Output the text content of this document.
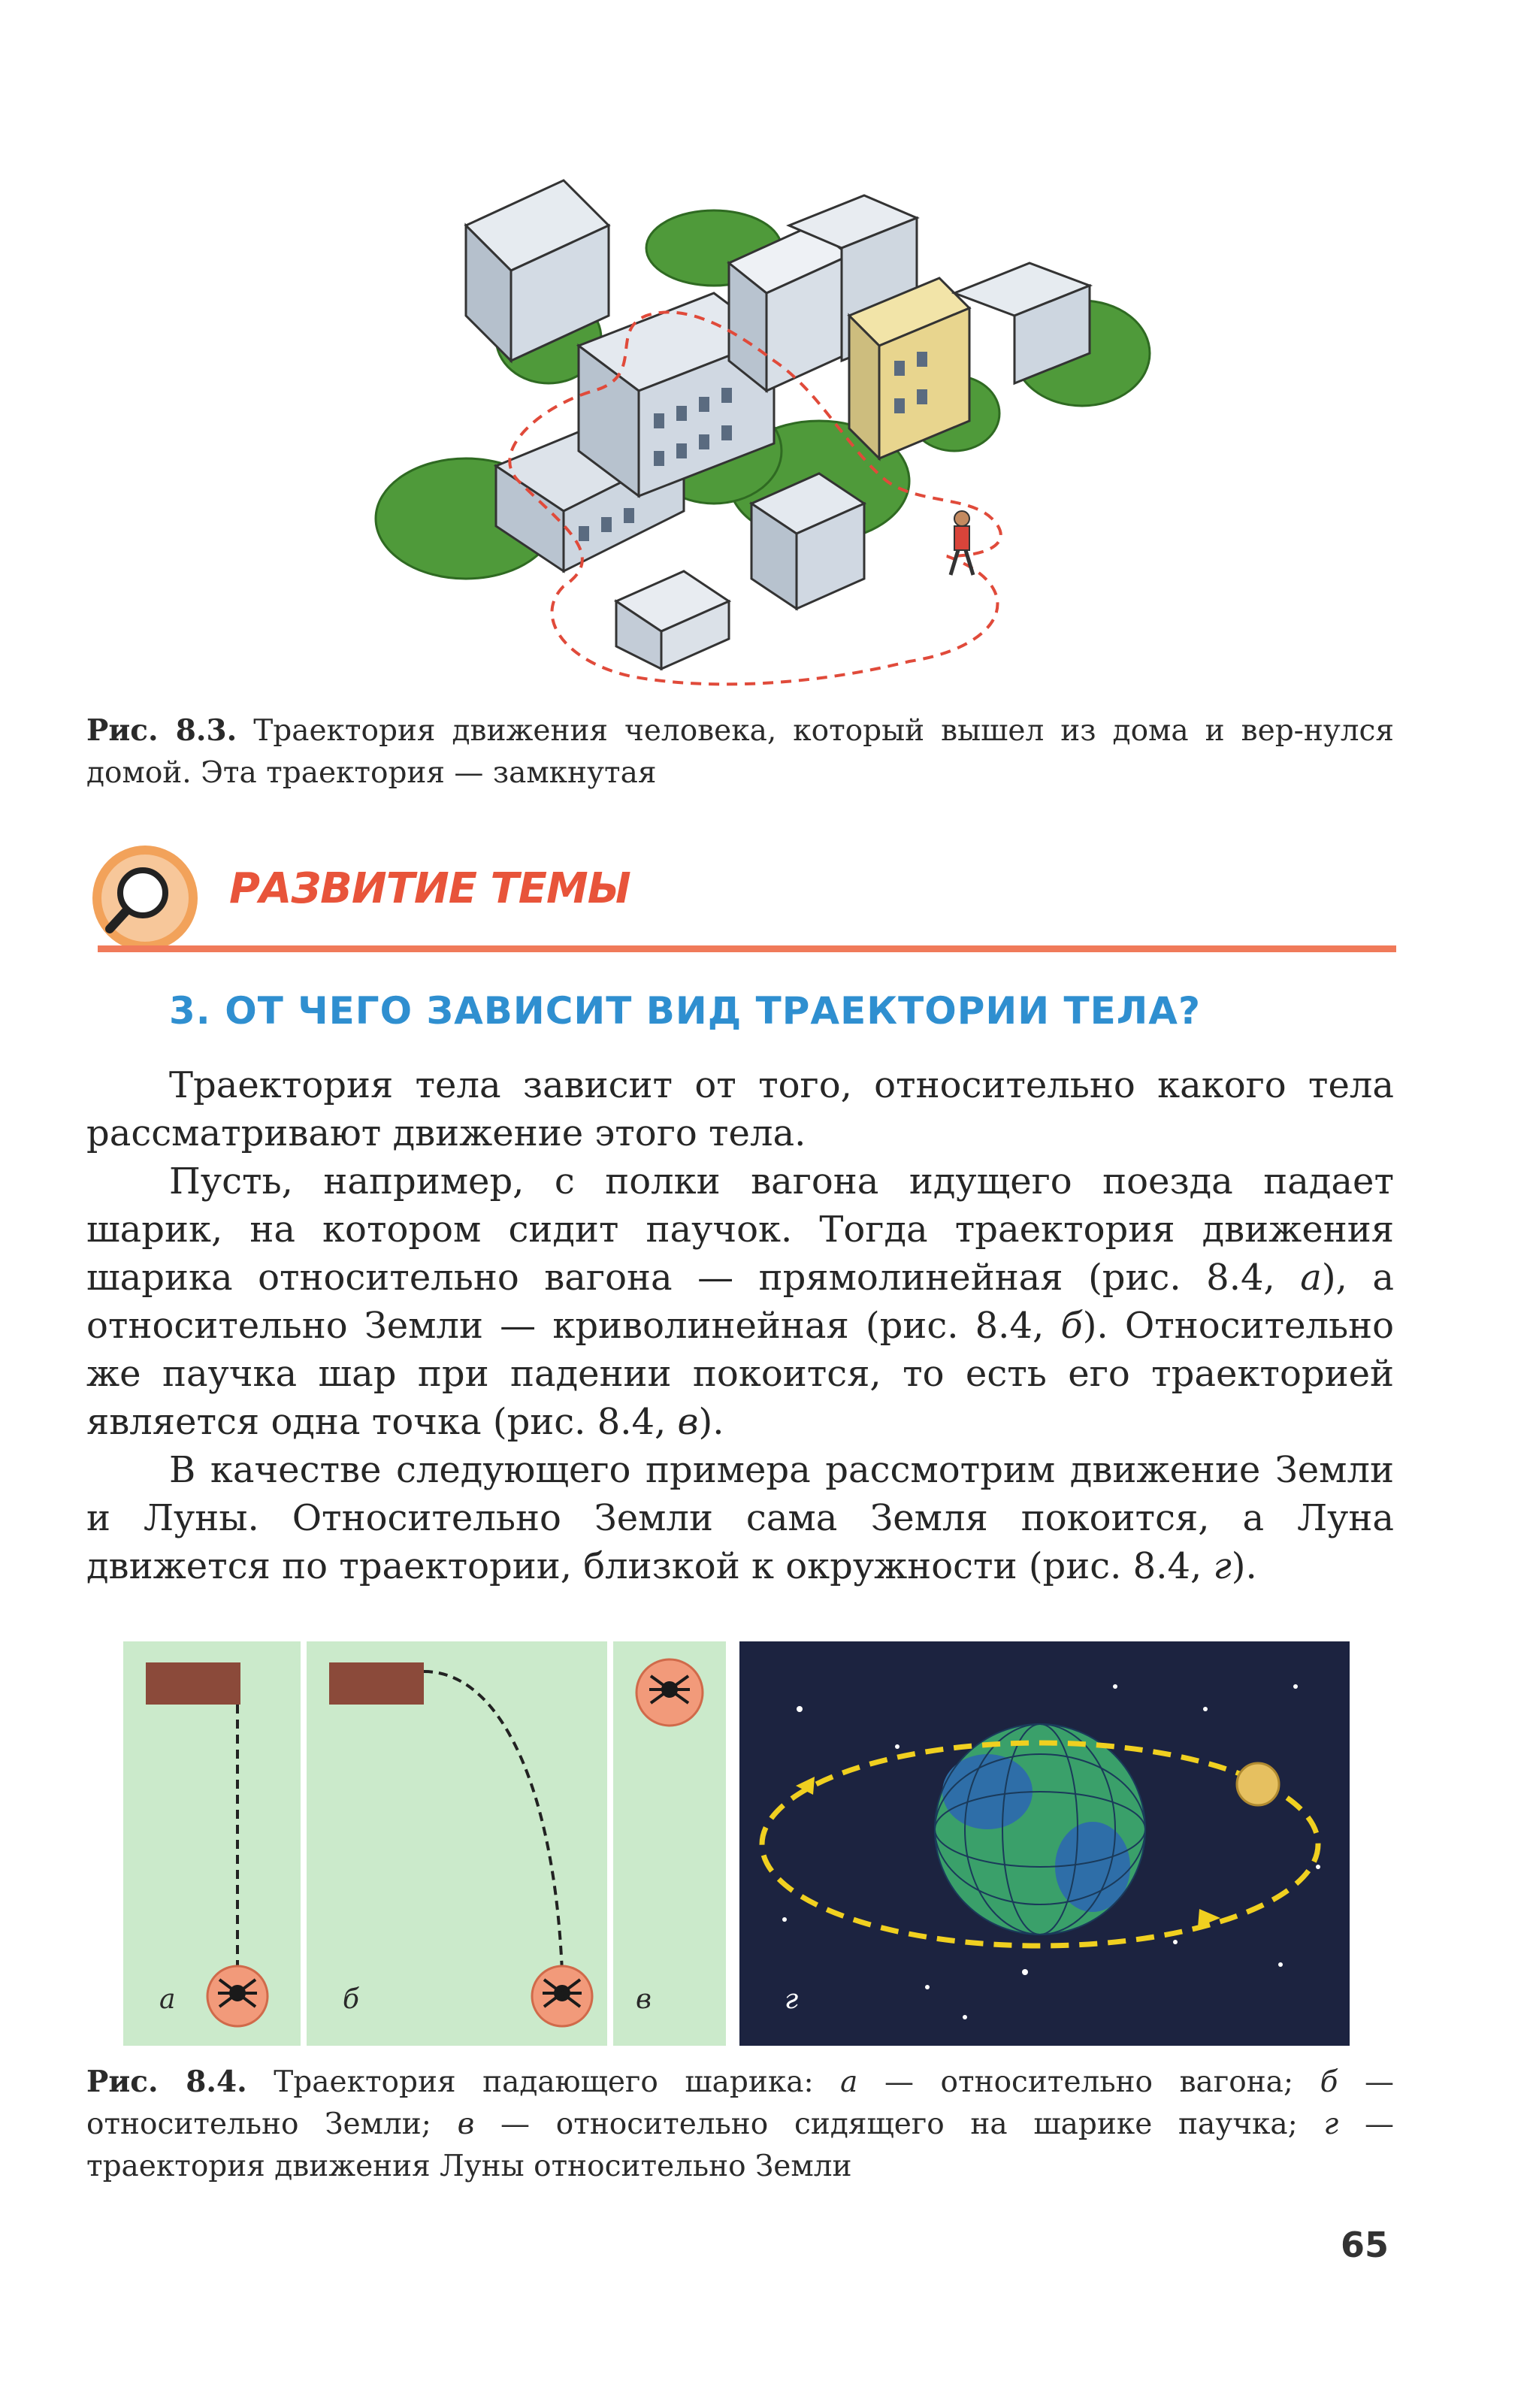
Рис. 8.3. Траектория движения человека, который вышел из дома и вер-нулся домой. Эта траектория — замкнутая
РАЗВИТИЕ ТЕМЫ
3. ОТ ЧЕГО ЗАВИСИТ ВИД ТРАЕКТОРИИ ТЕЛА?

Траектория тела зависит от того, относительно какого тела рассматривают движение этого тела.

Пусть, например, с полки вагона идущего поезда падает шарик, на котором сидит паучок. Тогда траектория движения шарика относительно вагона — прямолинейная (рис. 8.4, а), а относительно Земли — криволинейная (рис. 8.4, б). Относительно же паучка шар при падении покоится, то есть его траекторией является одна точка (рис. 8.4, в).

В качестве следующего примера рассмотрим движение Земли и Луны. Относительно Земли сама Земля покоится, а Луна движется по траектории, близкой к окружности (рис. 8.4, г).

а	б	в	г
Рис. 8.4. Траектория падающего шарика: а — относительно вагона; б — относительно Земли; в — относительно сидящего на шарике паучка; г — траектория движения Луны относительно Земли
65
